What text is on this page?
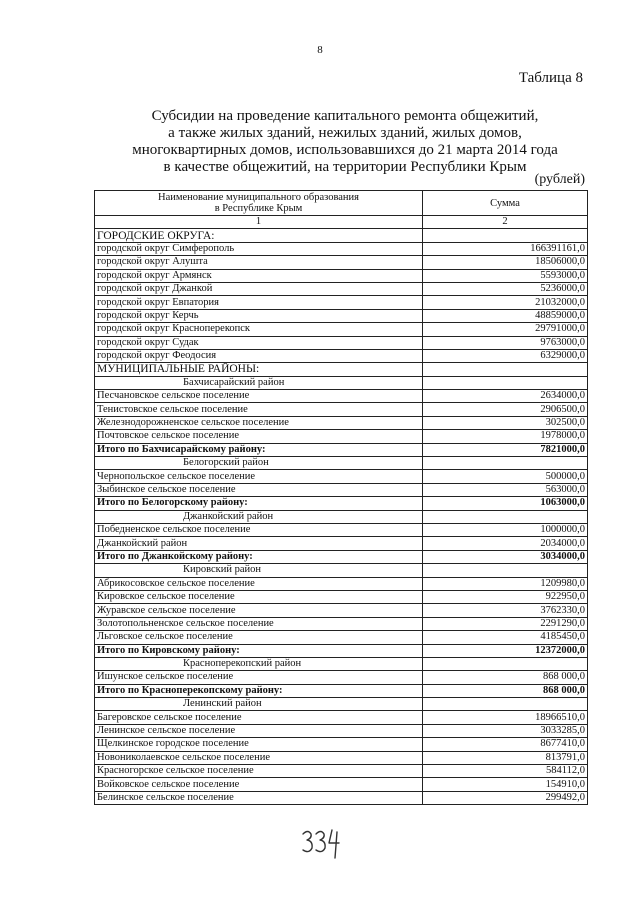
8
Таблица 8
Субсидии на проведение капитального ремонта общежитий,
а также жилых зданий, нежилых зданий, жилых домов,
многоквартирных домов, использовавшихся до 21 марта 2014 года
в качестве общежитий, на территории Республики Крым
(рублей)
Наименование муниципального образования
в Республике Крым	Сумма
1	2
ГОРОДСКИЕ ОКРУГА:	
городской округ Симферополь	166391161,0
городской округ Алушта	18506000,0
городской округ Армянск	5593000,0
городской округ Джанкой	5236000,0
городской округ Евпатория	21032000,0
городской округ Керчь	48859000,0
городской округ Красноперекопск	29791000,0
городской округ Судак	9763000,0
городской округ Феодосия	6329000,0
МУНИЦИПАЛЬНЫЕ РАЙОНЫ:	
Бахчисарайский район	
Песчановское сельское поселение	2634000,0
Тенистовское сельское поселение	2906500,0
Железнодорожненское сельское поселение	302500,0
Почтовское сельское поселение	1978000,0
Итого по Бахчисарайскому району:	7821000,0
Белогорский район	
Чернопольское сельское поселение	500000,0
Зыбинское сельское поселение	563000,0
Итого по Белогорскому району:	1063000,0
Джанкойский район	
Победненское сельское поселение	1000000,0
Джанкойский район	2034000,0
Итого по Джанкойскому району:	3034000,0
Кировский район	
Абрикосовское сельское поселение	1209980,0
Кировское сельское поселение	922950,0
Журавское сельское поселение	3762330,0
Золотопольненское сельское поселение	2291290,0
Льговское сельское поселение	4185450,0
Итого по Кировскому району:	12372000,0
Красноперекопский район	
Ишунское сельское поселение	868 000,0
Итого по Красноперекопскому району:	868 000,0
Ленинский район	
Багеровское сельское поселение	18966510,0
Ленинское сельское поселение	3033285,0
Щелкинское городское поселение	8677410,0
Новониколаевское сельское поселение	813791,0
Красногорское сельское поселение	584112,0
Войковское сельское поселение	154910,0
Белинское сельское поселение	299492,0
